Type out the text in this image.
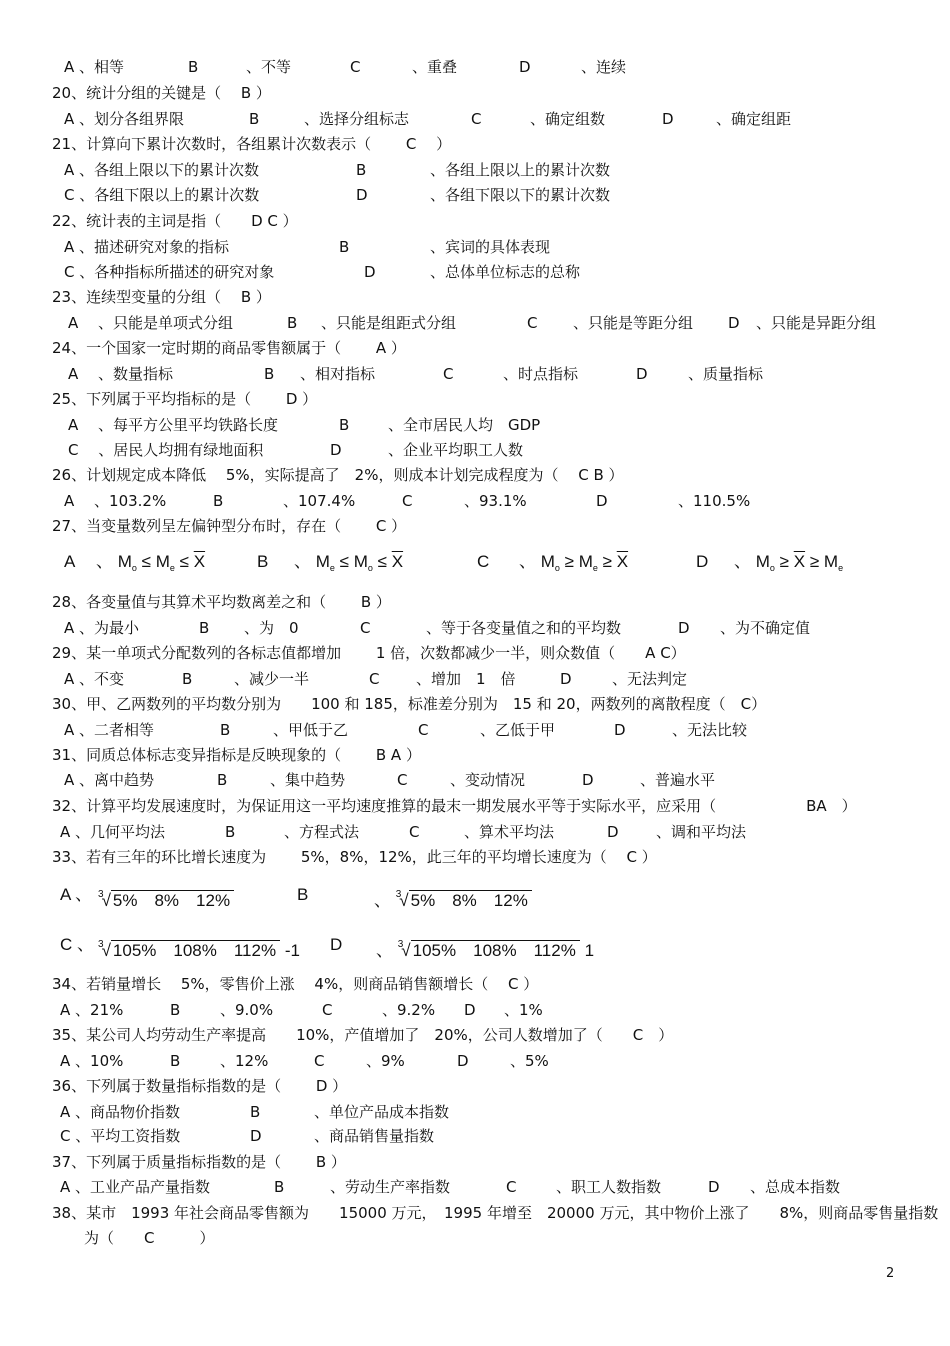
A 、相等	B	、不等	C	、重叠	D	、连续
20、统计分组的关键是（　 B ）
A 、划分各组界限	B	、选择分组标志	C	、确定组数	D	、确定组距
21、计算向下累计次数时，各组累计次数表示（　　 C 　）
A 、各组上限以下的累计次数	B	、各组上限以上的累计次数
C 、各组下限以上的累计次数	D	、各组下限以下的累计次数
22、统计表的主词是指（　　D C ）
A 、描述研究对象的指标	B	、宾词的具体表现
C 、各种指标所描述的研究对象	D	、总体单位标志的总称
23、连续型变量的分组（　 B ）
A 　、只能是单项式分组	B 、只能是组距式分组	C 、只能是等距分组 D 、只能是异距分组
24、一个国家一定时期的商品零售额属于（　　 A ）
A 　、数量指标	B 、相对指标	C	、时点指标	D	、质量指标
25、下列属于平均指标的是（　　 D ）
A 　、每平方公里平均铁路长度	B	、全市居民人均　GDP
C 　、居民人均拥有绿地面积	D	、企业平均职工人数
26、计划规定成本降低　 5%，实际提高了　2%，则成本计划完成程度为（　 C B ）
A 　、103.2%	B	、107.4%	C	、93.1%	D	、110.5%
27、当变量数列呈左偏钟型分布时，存在（　　 C ）
A 、 $M_o \le M_e \le \overline{X}$	B 、 $M_e \le M_o \le \overline{X}$	C 、 $M_o \ge M_e \ge \overline{X}$	D 、 $M_o \ge \overline{X} \ge M_e$
28、各变量值与其算术平均数离差之和（　　 B ）
A 、为最小	B 、为　0	C	、等于各变量值之和的平均数	D 、为不确定值
29、某一单项式分配数列的各标志值都增加　　 1 倍，次数都减少一半，则众数值（　　A C）
A 、不变	B	、减少一半	C 、增加　1　倍	D	、无法判定
30、甲、乙两数列的平均数分别为　　100 和 185，标准差分别为　15 和 20，两数列的离散程度（　C）
A 、二者相等	B	、甲低于乙	C	、乙低于甲	D	、无法比较
31、同质总体标志变异指标是反映现象的（　　 B A ）
A 、离中趋势	B	、集中趋势	C	、变动情况	D	、普遍水平
32、计算平均发展速度时，为保证用这一平均速度推算的最末一期发展水平等于实际水平，应采用（　　　　　　BA　）
A 、几何平均法	B	、方程式法	C	、算术平均法	D 、调和平均法
33、若有三年的环比增长速度为　　 5%，8%，12%，此三年的平均增长速度为（　 C ）
A 、 $^3$√ 5%　8%　12%	B	、 $^3$√ 5%　8%　12%
C 、 $^3$√ 105%　108%　112% -1 D 、 $^3$√ 105%　108%　112% 1
34、若销量增长　 5%，零售价上涨　 4%，则商品销售额增长（　 C ）
A 、21%	B	、9.0%	C	、9.2% D 、1%
35、某公司人均劳动生产率提高　　10%，产值增加了　20%，公司人数增加了（　　C　）
A 、10%	B	、12%	C	、9%	D	、5%
36、下列属于数量指标指数的是（　　 D ）
A 、商品物价指数	B	、单位产品成本指数
C 、平均工资指数	D	、商品销售量指数
37、下列属于质量指标指数的是（　　 B ）
A 、工业产品产量指数	B	、劳动生产率指数	C	、职工人数指数	D 、总成本指数
38、某市　1993 年社会商品零售额为　　15000 万元，　1995 年增至　20000 万元，其中物价上涨了　　8%，则商品零售量指数
为（　　C　　　）
2
